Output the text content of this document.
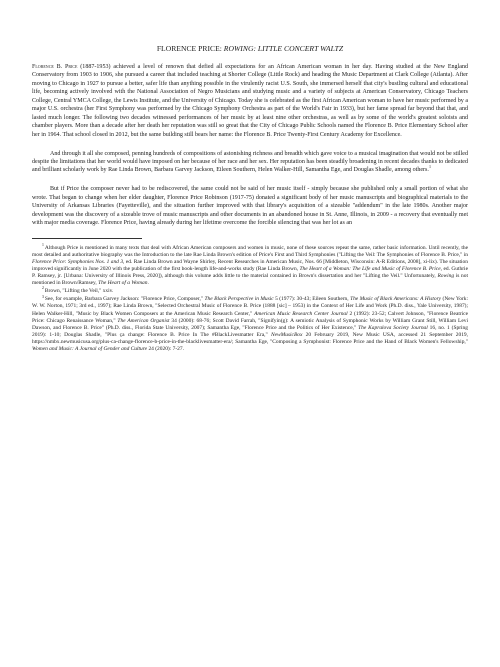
FLORENCE PRICE: ROWING: LITTLE CONCERT WALTZ

Florence B. Price (1887-1953) achieved a level of renown that defied all expectations for an African American woman in her day. Having studied at the New England Conservatory from 1903 to 1906, she pursued a career that included teaching at Shorter College (Little Rock) and heading the Music Department at Clark College (Atlanta). After moving to Chicago in 1927 to pursue a better, safer life than anything possible in the virulently racist U.S. South, she immersed herself that city's bustling cultural and educational life, becoming actively involved with the National Association of Negro Musicians and studying music and a variety of subjects at American Conservatory, Chicago Teachers College, Central YMCA College, the Lewis Institute, and the University of Chicago. Today she is celebrated as the first African American woman to have her music performed by a major U.S. orchestra (her First Symphony was performed by the Chicago Symphony Orchestra as part of the World's Fair in 1933), but her fame spread far beyond that that, and lasted much longer. The following two decades witnessed performances of her music by at least nine other orchestras, as well as by some of the world's greatest soloists and chamber players. More than a decade after her death her reputation was still so great that the City of Chicago Public Schools named the Florence B. Price Elementary School after her in 1964. That school closed in 2012, but the same building still bears her name: the Florence B. Price Twenty-First Century Academy for Excellence.

And through it all she composed, penning hundreds of compositions of astonishing richness and breadth which gave voice to a musical imagination that would not be stilled despite the limitations that her world would have imposed on her because of her race and her sex. Her reputation has been steadily broadening in recent decades thanks to dedicated and brilliant scholarly work by Rae Linda Brown, Barbara Garvey Jackson, Eileen Southern, Helen Walker-Hill, Samantha Ege, and Douglas Shadle, among others.$^1$

But if Price the composer never had to be rediscovered, the same could not be said of her music itself - simply because she published only a small portion of what she wrote. That began to change when her elder daughter, Florence Price Robinson (1917-75) donated a significant body of her music manuscripts and biographical materials to the University of Arkansas Libraries (Fayetteville), and the situation further improved with that library's acquisition of a sizeable "addendum" in the late 1980s. Another major development was the discovery of a sizeable trove of music manuscripts and other documents in an abandoned house in St. Anne, Illinois, in 2009 - a recovery that eventually met with major media coverage. Florence Price, having already during her lifetime overcome the forcible silencing that was her lot as an

$^1$Although Price is mentioned in many texts that deal with African American composers and women in music, none of these sources repeat the same, rather basic information. Until recently, the most detailed and authoritative biography was the Introduction to the late Rae Linda Brown's edition of Price's First and Third Symphonies ("Lifting the Veil: The Symphonies of Florence B. Price," in Florence Price: Symphonies Nos. 1 and 3, ed. Rae Linda Brown and Wayne Shirley, Recent Researches in American Music, Nos. 66 [Middleton, Wisconsin: A-R Editions, 2008], xi-lix). The situation improved significantly in June 2020 with the publication of the first book-length life-and-works study (Rae Linda Brown, The Heart of a Woman: The Life and Music of Florence B. Price, ed. Guthrie P. Ramsey, jr. [Urbana: University of Illinois Press, 2020]), although this volume adds little to the material contained in Brown's dissertation and her "Lifting the Veil." Unfortunately, Rowing is not mentioned in Brown/Ramsey, The Heart of a Woman.

$^2$Brown, "Lifting the Veil," xxiv.

$^3$See, for example, Barbara Garvey Jackson: "Florence Price, Composer," The Black Perspective in Music 5 (1977): 30-43; Eileen Southern, The Music of Black Americans: A History (New York: W. W. Norton, 1971; 3rd ed., 1997); Rae Linda Brown, "Selected Orchestral Music of Florence B. Price (1888 [sic] – 1953) in the Context of Her Life and Work (Ph.D. diss., Yale University, 1987); Helen Walker-Hill, "Music by Black Women Composers at the American Music Research Center," American Music Research Center Journal 2 (1992): 23-52; Calvert Johnson, "Florence Beatrice Price: Chicago Renaissance Woman," The American Organist 34 (2000): 68-76; Scott David Farrah, "Signifyin(g): A semiotic Analysis of Symphonic Works by William Grant Still, William Levi Dawson, and Florence B. Price" (Ph.D. diss., Florida State University, 2007); Samantha Ege, "Florence Price and the Politics of Her Existence," The Kapralova Society Journal 16, no. 1 (Spring 2019): 1-10; Douglas Shadle, "Plus ça change: Florence B. Price In The #BlackLivesmatter Era," NewMusicBox 20 February 2019, New Music USA, accessed 21 September 2019, https://nmbx.newmusicusa.org/plus-ca-change-florence-b-price-in-the-blacklivesmatter-era/; Samantha Ege, "Composing a Symphonist: Florence Price and the Hand of Black Women's Fellowship," Women and Music: A Journal of Gender and Culture 24 (2020): 7-27.
